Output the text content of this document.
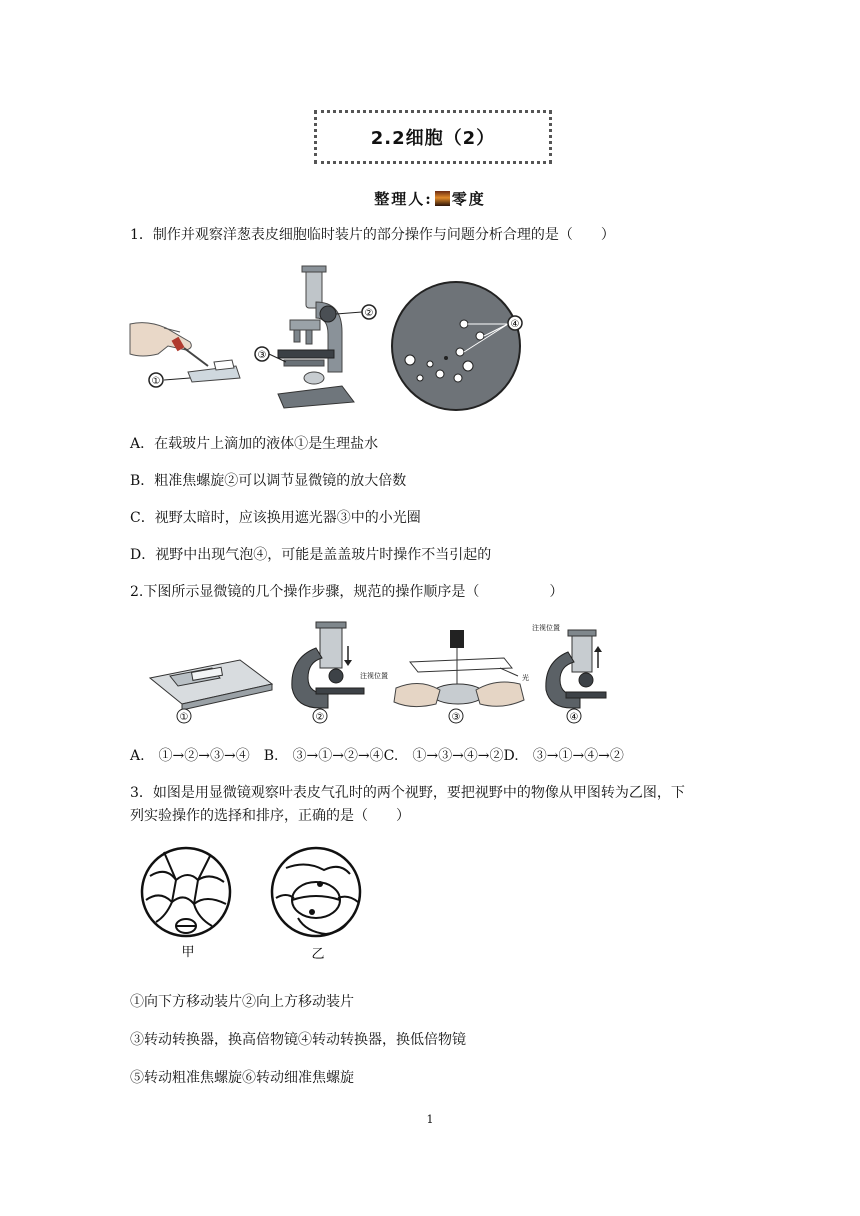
2.2细胞（2）
整理人: 零度
1．制作并观察洋葱表皮细胞临时装片的部分操作与问题分析合理的是（　　）
①
②
③
④
A．在载玻片上滴加的液体①是生理盐水
B．粗准焦螺旋②可以调节显微镜的放大倍数
C．视野太暗时，应该换用遮光器③中的小光圈
D．视野中出现气泡④，可能是盖盖玻片时操作不当引起的
2.下图所示显微镜的几个操作步骤，规范的操作顺序是（　　　　　）
①
注视位置
②
光
③
注视位置
④
A.　①→②→③→④　B.　③→①→②→④C.　①→③→④→②D.　③→①→④→②
3．如图是用显微镜观察叶表皮气孔时的两个视野，要把视野中的物像从甲图转为乙图，下
列实验操作的选择和排序，正确的是（　　）
甲	乙
①向下方移动装片②向上方移动装片
③转动转换器，换高倍物镜④转动转换器，换低倍物镜
⑤转动粗准焦螺旋⑥转动细准焦螺旋
1
